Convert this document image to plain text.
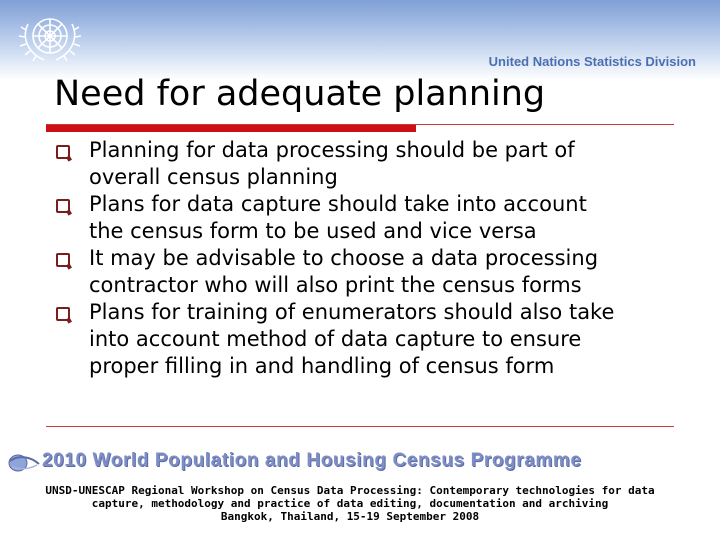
United Nations Statistics Division
Need for adequate planning
Planning for data processing should be part of
overall census planning
Plans for data capture should take into account
the census form to be used and vice versa
It may be advisable to choose a data processing
contractor who will also print the census forms
Plans for training of enumerators should also take
into account method of data capture to ensure
proper filling in and handling of census form
2010 World Population and Housing Census Programme
UNSD-UNESCAP Regional Workshop on Census Data Processing: Contemporary technologies for data
capture, methodology and practice of data editing, documentation and archiving
Bangkok, Thailand, 15-19 September 2008
